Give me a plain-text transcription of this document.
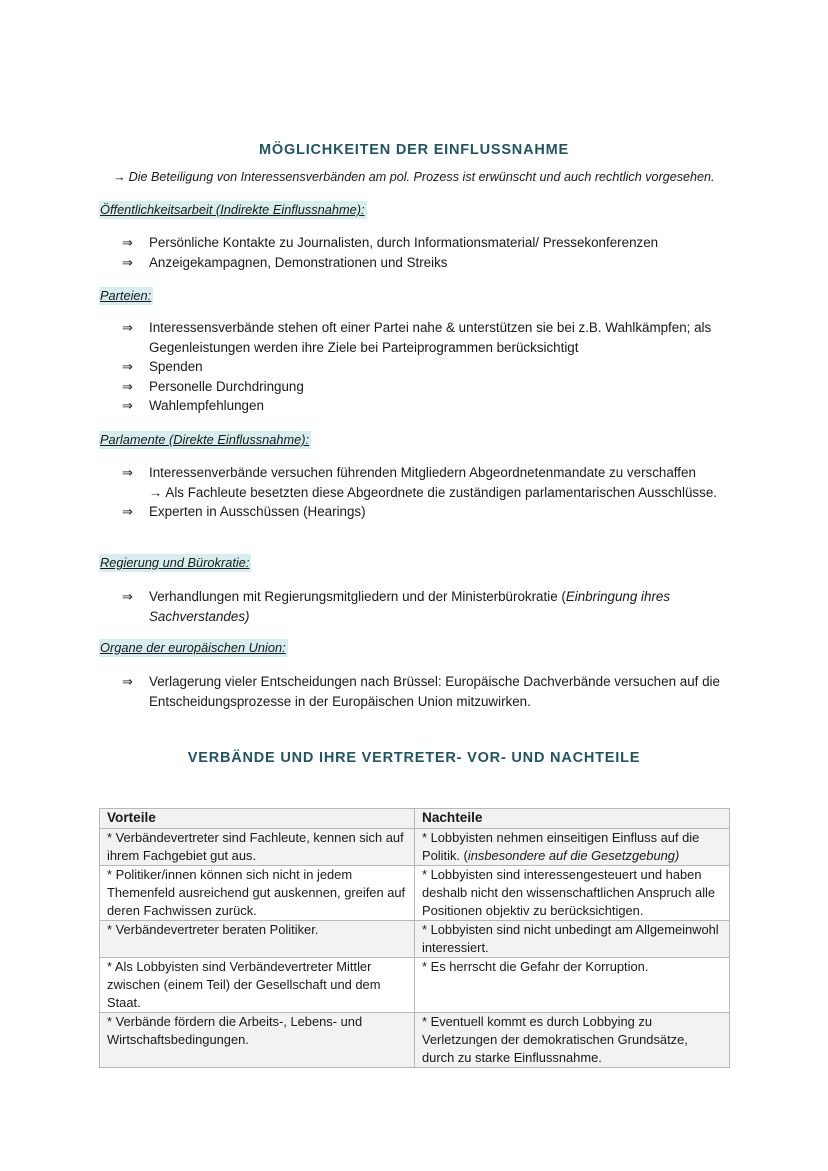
MÖGLICHKEITEN DER EINFLUSSNAHME
→ Die Beteiligung von Interessensverbänden am pol. Prozess ist erwünscht und auch rechtlich vorgesehen.
Öffentlichkeitsarbeit (Indirekte Einflussnahme):
⇒ Persönliche Kontakte zu Journalisten, durch Informationsmaterial/ Pressekonferenzen
⇒ Anzeigekampagnen, Demonstrationen und Streiks
Parteien:
⇒ Interessensverbände stehen oft einer Partei nahe & unterstützen sie bei z.B. Wahlkämpfen; als Gegenleistungen werden ihre Ziele bei Parteiprogrammen berücksichtigt
⇒ Spenden
⇒ Personelle Durchdringung
⇒ Wahlempfehlungen
Parlamente (Direkte Einflussnahme):
⇒ Interessenverbände versuchen führenden Mitgliedern Abgeordnetenmandate zu verschaffen
→ Als Fachleute besetzten diese Abgeordnete die zuständigen parlamentarischen Ausschlüsse.
⇒ Experten in Ausschüssen (Hearings)
Regierung und Bürokratie:
⇒ Verhandlungen mit Regierungsmitgliedern und der Ministerbürokratie (Einbringung ihres Sachverstandes)
Organe der europäischen Union:
⇒ Verlagerung vieler Entscheidungen nach Brüssel: Europäische Dachverbände versuchen auf die Entscheidungsprozesse in der Europäischen Union mitzuwirken.
VERBÄNDE UND IHRE VERTRETER- VOR- UND NACHTEILE
Vorteile	Nachteile
* Verbändevertreter sind Fachleute, kennen sich auf ihrem Fachgebiet gut aus.	* Lobbyisten nehmen einseitigen Einfluss auf die Politik. (insbesondere auf die Gesetzgebung)
* Politiker/innen können sich nicht in jedem Themenfeld ausreichend gut auskennen, greifen auf deren Fachwissen zurück.	* Lobbyisten sind interessengesteuert und haben deshalb nicht den wissenschaftlichen Anspruch alle Positionen objektiv zu berücksichtigen.
* Verbändevertreter beraten Politiker.	* Lobbyisten sind nicht unbedingt am Allgemeinwohl interessiert.
* Als Lobbyisten sind Verbändevertreter Mittler zwischen (einem Teil) der Gesellschaft und dem Staat.	* Es herrscht die Gefahr der Korruption.
* Verbände fördern die Arbeits-, Lebens- und Wirtschaftsbedingungen.	* Eventuell kommt es durch Lobbying zu Verletzungen der demokratischen Grundsätze, durch zu starke Einflussnahme.
